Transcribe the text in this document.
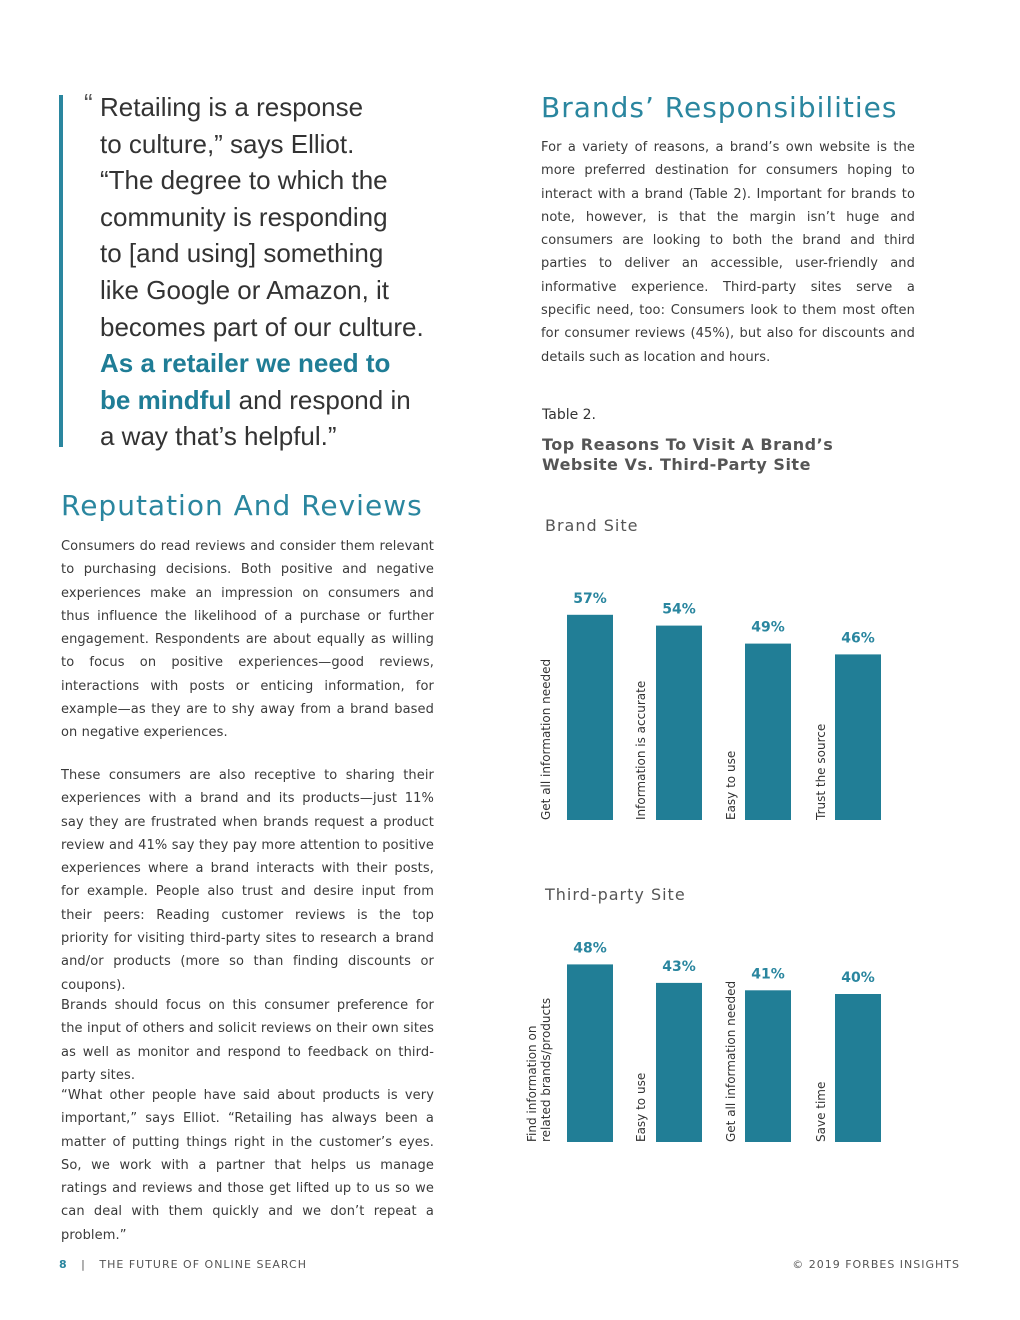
“ Retailing is a response
to culture,” says Elliot.
“The degree to which the
community is responding
to [and using] something
like Google or Amazon, it
becomes part of our culture.
As a retailer we need to
be mindful and respond in
a way that’s helpful.”
Reputation And Reviews

Consumers do read reviews and consider them relevant to purchasing decisions. Both positive and negative experiences make an impression on consumers and thus influence the likelihood of a purchase or further engagement. Respondents are about equally as willing to focus on positive experiences—good reviews, interactions with posts or enticing information, for example—as they are to shy away from a brand based on negative experiences.

These consumers are also receptive to sharing their experiences with a brand and its products—just 11% say they are frustrated when brands request a product review and 41% say they pay more attention to positive experiences where a brand interacts with their posts, for example. People also trust and desire input from their peers: Reading customer reviews is the top priority for visiting third-party sites to research a brand and/or products (more so than finding discounts or coupons).

Brands should focus on this consumer preference for the input of others and solicit reviews on their own sites as well as monitor and respond to feedback on third-party sites.

“What other people have said about products is very important,” says Elliot. “Retailing has always been a matter of putting things right in the customer’s eyes. So, we work with a partner that helps us manage ratings and reviews and those get lifted up to us so we can deal with them quickly and we don’t repeat a problem.”

Brands’ Responsibilities

For a variety of reasons, a brand’s own website is the more preferred destination for consumers hoping to interact with a brand (Table 2). Important for brands to note, however, is that the margin isn’t huge and consumers are looking to both the brand and third parties to deliver an accessible, user-friendly and informative experience. Third-party sites serve a specific need, too: Consumers look to them most often for consumer reviews (45%), but also for discounts and details such as location and hours.

Table 2.
Top Reasons To Visit A Brand’s Website Vs. Third-Party Site
Brand Site
57%
Get all information needed
54%
Information is accurate
49%
Easy to use
46%
Trust the source
Third-party Site
48%
Find information on related brands/products
43%
Easy to use
41%
Get all information needed
40%
Save time
8 | THE FUTURE OF ONLINE SEARCH	© 2019 FORBES INSIGHTS
